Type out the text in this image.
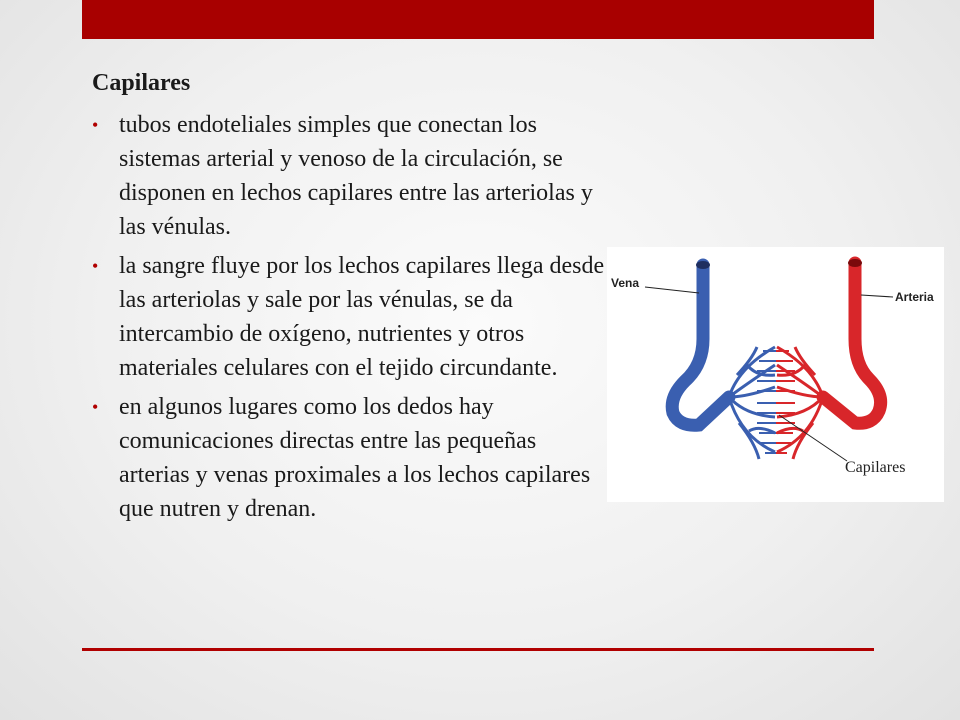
Capilares
• tubos endoteliales simples que conectan los sistemas arterial y venoso de la circulación, se disponen en lechos capilares entre las arteriolas y las vénulas.
• la sangre fluye por los lechos capilares llega desde las arteriolas y sale por las vénulas, se da intercambio de oxígeno, nutrientes y otros materiales celulares con el tejido circundante.
• en algunos lugares como los dedos hay comunicaciones directas entre las pequeñas arterias y venas proximales a los lechos capilares que nutren y drenan.
Vena
Arteria
Capilares
